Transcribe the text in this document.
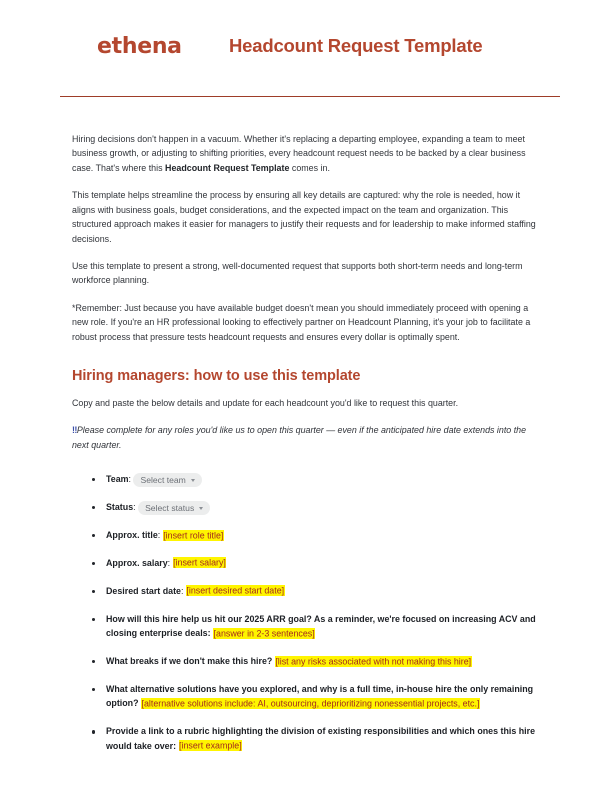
ethena	Headcount Request Template

Hiring decisions don't happen in a vacuum. Whether it's replacing a departing employee, expanding a team to meet business growth, or adjusting to shifting priorities, every headcount request needs to be backed by a clear business case. That's where this Headcount Request Template comes in.

This template helps streamline the process by ensuring all key details are captured: why the role is needed, how it aligns with business goals, budget considerations, and the expected impact on the team and organization. This structured approach makes it easier for managers to justify their requests and for leadership to make informed staffing decisions.

Use this template to present a strong, well-documented request that supports both short-term needs and long-term workforce planning.

*Remember: Just because you have available budget doesn't mean you should immediately proceed with opening a new role. If you're an HR professional looking to effectively partner on Headcount Planning, it's your job to facilitate a robust process that pressure tests headcount requests and ensures every dollar is optimally spent.

Hiring managers: how to use this template

Copy and paste the below details and update for each headcount you'd like to request this quarter.

‼Please complete for any roles you'd like us to open this quarter — even if the anticipated hire date extends into the next quarter.

Team: Select team
Status: Select status
Approx. title: [insert role title]
Approx. salary: [insert salary]
Desired start date: [insert desired start date]
How will this hire help us hit our 2025 ARR goal? As a reminder, we're focused on increasing ACV and closing enterprise deals: [answer in 2-3 sentences]
What breaks if we don't make this hire? [list any risks associated with not making this hire]
What alternative solutions have you explored, and why is a full time, in-house hire the only remaining option? [alternative solutions include: AI, outsourcing, deprioritizing nonessential projects, etc.]
Provide a link to a rubric highlighting the division of existing responsibilities and which ones this hire would take over: [insert example]
